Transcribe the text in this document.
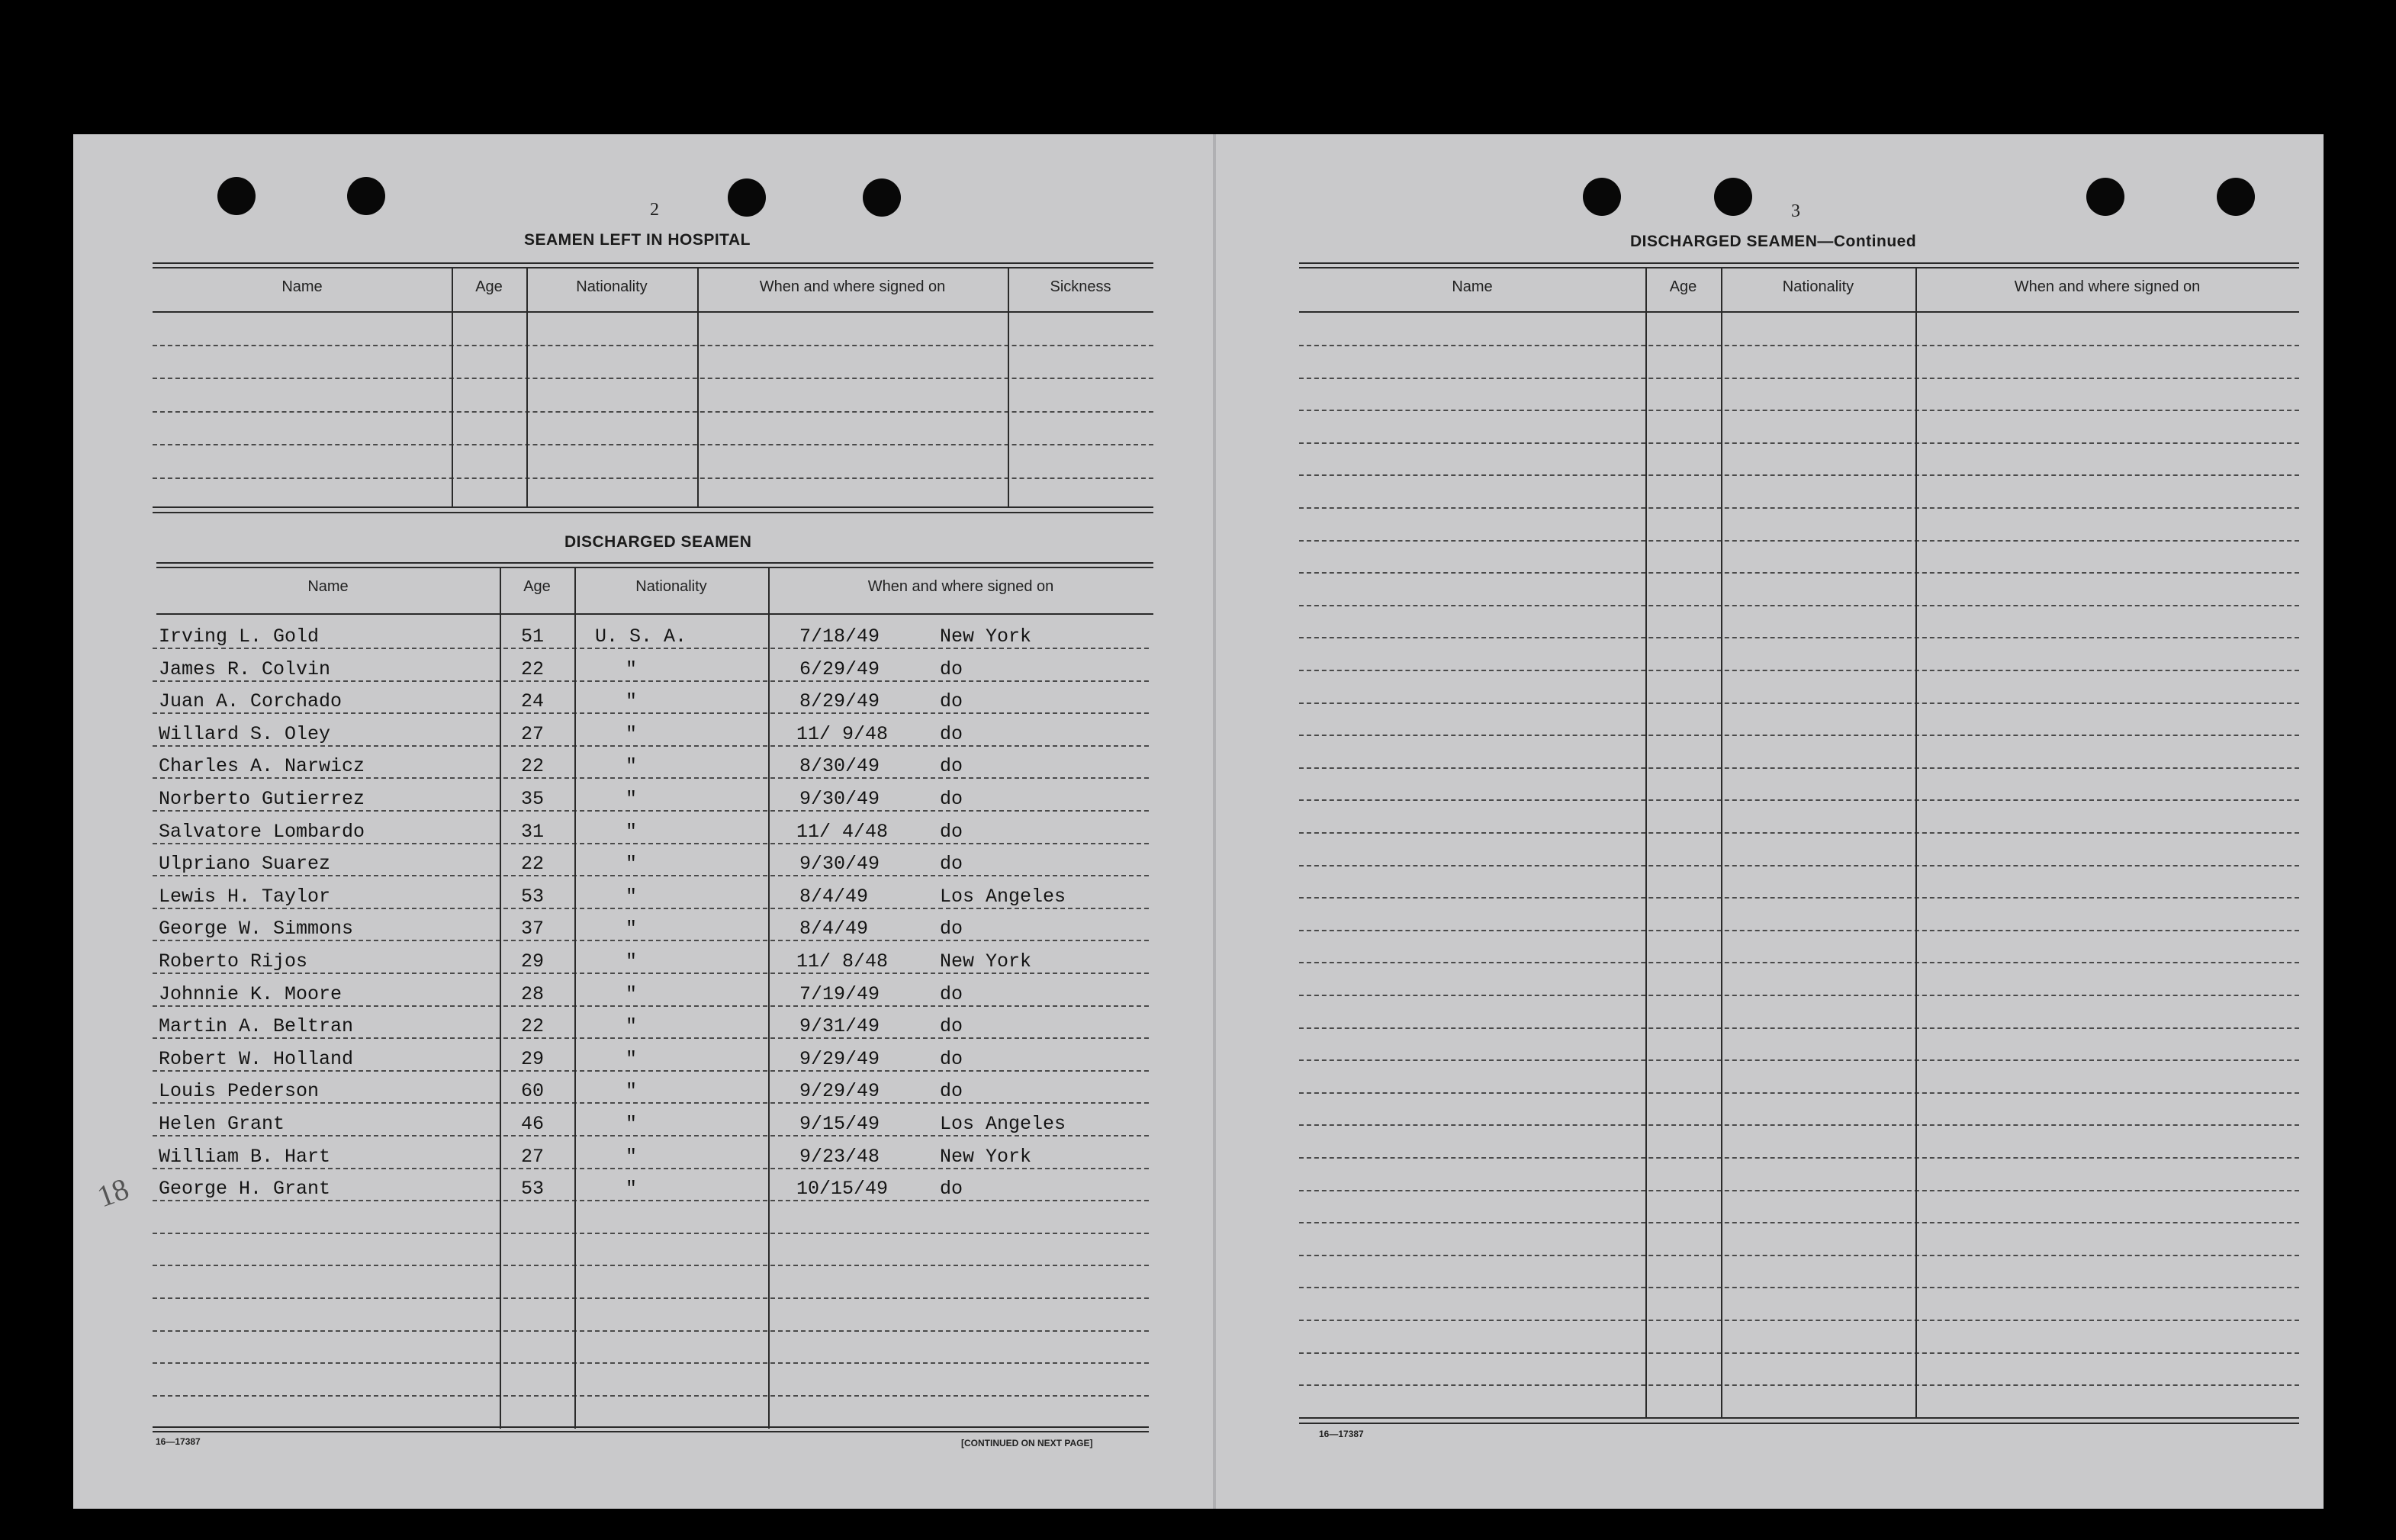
2
SEAMEN LEFT IN HOSPITAL
Name	Age	Nationality	When and where signed on	Sickness
DISCHARGED SEAMEN
Name	Age	Nationality	When and where signed on
Irving L. Gold	51	U. S. A.	7/18/49	New York
James R. Colvin	22	"	6/29/49	do
Juan A. Corchado	24	"	8/29/49	do
Willard S. Oley	27	"	11/ 9/48	do
Charles A. Narwicz	22	"	8/30/49	do
Norberto Gutierrez	35	"	9/30/49	do
Salvatore Lombardo	31	"	11/ 4/48	do
Ulpriano Suarez	22	"	9/30/49	do
Lewis H. Taylor	53	"	8/4/49	Los Angeles
George W. Simmons	37	"	8/4/49	do
Roberto Rijos	29	"	11/ 8/48	New York
Johnnie K. Moore	28	"	7/19/49	do
Martin A. Beltran	22	"	9/31/49	do
Robert W. Holland	29	"	9/29/49	do
Louis Pederson	60	"	9/29/49	do
Helen Grant	46	"	9/15/49	Los Angeles
William B. Hart	27	"	9/23/48	New York
George H. Grant	53	"	10/15/49	do
18
16—17387	[CONTINUED ON NEXT PAGE]
3
DISCHARGED SEAMEN—Continued
Name	Age	Nationality	When and where signed on
16—17387
